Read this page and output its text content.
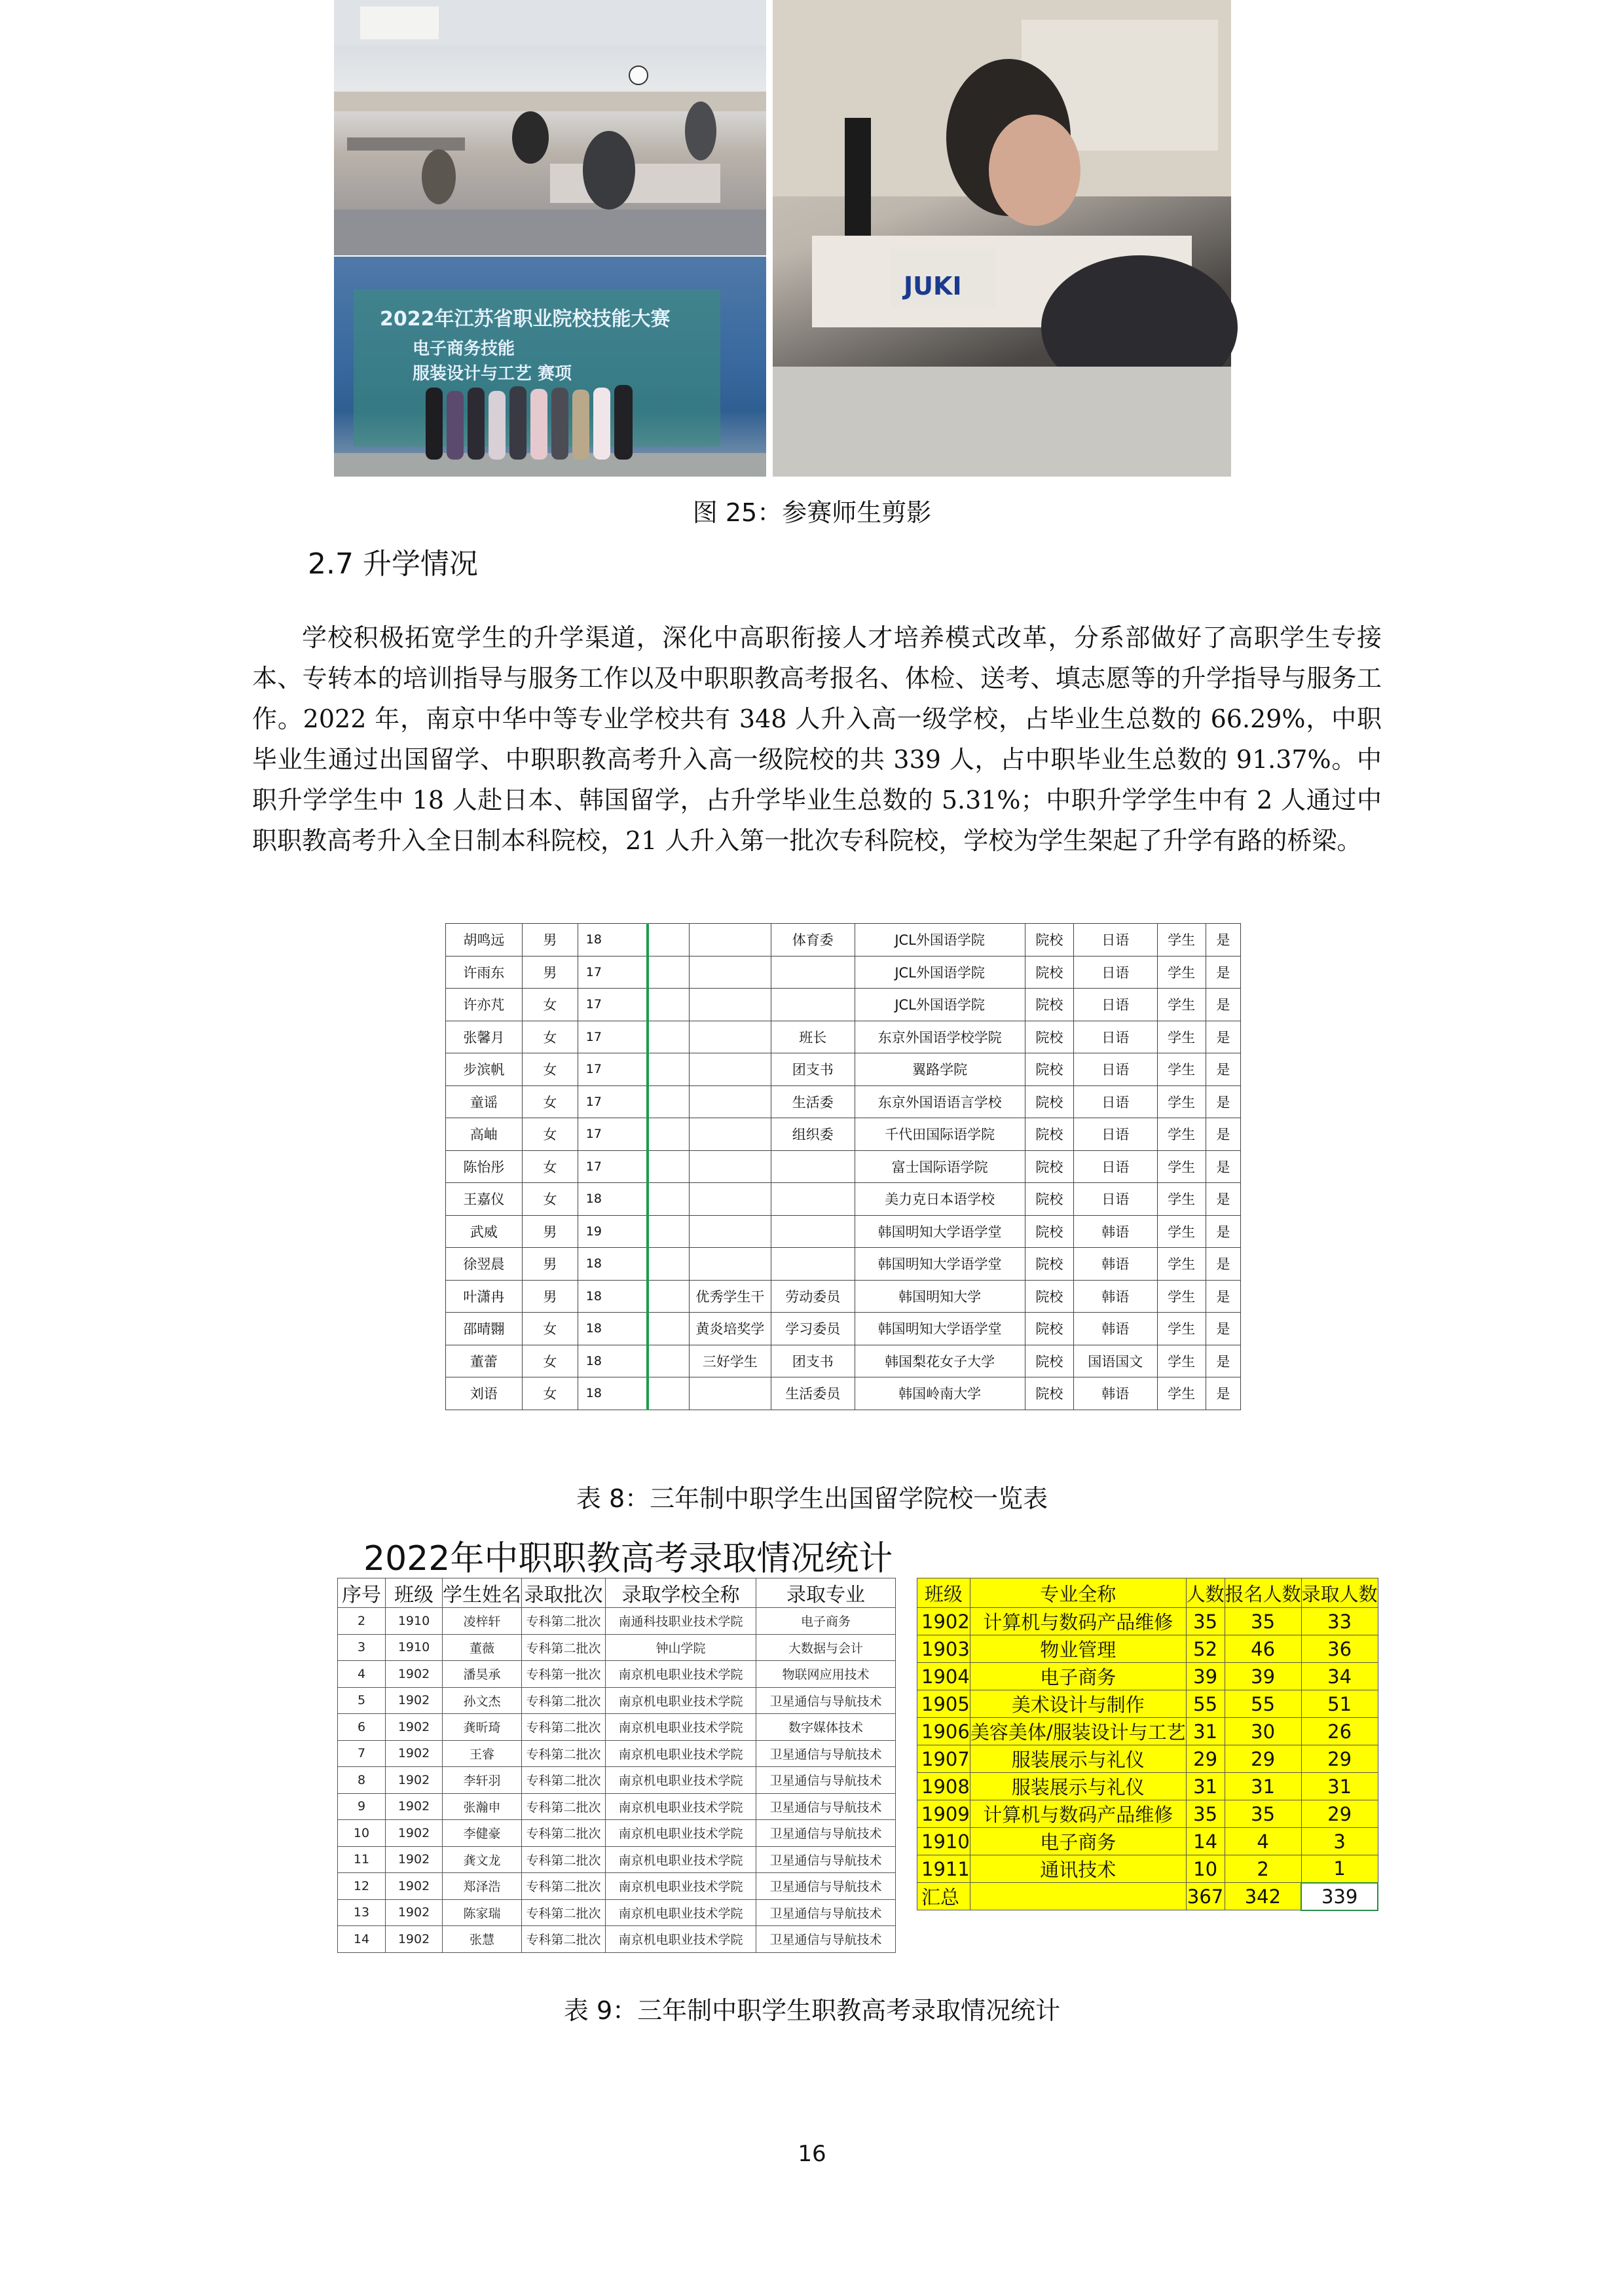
JUKI
2022年江苏省职业院校技能大赛
电子商务技能
服装设计与工艺 赛项
图 25：参赛师生剪影
2.7 升学情况

学校积极拓宽学生的升学渠道，深化中高职衔接人才培养模式改革，分系部做好了高职学生专接本、专转本的培训指导与服务工作以及中职职教高考报名、体检、送考、填志愿等的升学指导与服务工作。2022 年，南京中华中等专业学校共有 348 人升入高一级学校，占毕业生总数的 66.29%，中职毕业生通过出国留学、中职职教高考升入高一级院校的共 339 人，占中职毕业生总数的 91.37%。中职升学学生中 18 人赴日本、韩国留学，占升学毕业生总数的 5.31%；中职升学学生中有 2 人通过中职职教高考升入全日制本科院校，21 人升入第一批次专科院校，学校为学生架起了升学有路的桥梁。

胡鸣远	男	18			体育委	JCL外国语学院	院校	日语	学生	是
许雨东	男	17				JCL外国语学院	院校	日语	学生	是
许亦芃	女	17				JCL外国语学院	院校	日语	学生	是
张馨月	女	17			班长	东京外国语学校学院	院校	日语	学生	是
步滨帆	女	17			团支书	翼路学院	院校	日语	学生	是
童谣	女	17			生活委	东京外国语语言学校	院校	日语	学生	是
高岫	女	17			组织委	千代田国际语学院	院校	日语	学生	是
陈怡彤	女	17				富士国际语学院	院校	日语	学生	是
王嘉仪	女	18				美力克日本语学校	院校	日语	学生	是
武威	男	19				韩国明知大学语学堂	院校	韩语	学生	是
徐翌晨	男	18				韩国明知大学语学堂	院校	韩语	学生	是
叶潇冉	男	18		优秀学生干	劳动委员	韩国明知大学	院校	韩语	学生	是
邵晴翾	女	18		黄炎培奖学	学习委员	韩国明知大学语学堂	院校	韩语	学生	是
董蕾	女	18		三好学生	团支书	韩国梨花女子大学	院校	国语国文	学生	是
刘语	女	18			生活委员	韩国岭南大学	院校	韩语	学生	是
表 8：三年制中职学生出国留学院校一览表
2022年中职职教高考录取情况统计
序号	班级	学生姓名	录取批次	录取学校全称	录取专业
2	1910	凌梓轩	专科第二批次	南通科技职业技术学院	电子商务
3	1910	董薇	专科第二批次	钟山学院	大数据与会计
4	1902	潘昊承	专科第一批次	南京机电职业技术学院	物联网应用技术
5	1902	孙文杰	专科第二批次	南京机电职业技术学院	卫星通信与导航技术
6	1902	龚昕琦	专科第二批次	南京机电职业技术学院	数字媒体技术
7	1902	王睿	专科第二批次	南京机电职业技术学院	卫星通信与导航技术
8	1902	李轩羽	专科第二批次	南京机电职业技术学院	卫星通信与导航技术
9	1902	张瀚申	专科第二批次	南京机电职业技术学院	卫星通信与导航技术
10	1902	李健豪	专科第二批次	南京机电职业技术学院	卫星通信与导航技术
11	1902	龚文龙	专科第二批次	南京机电职业技术学院	卫星通信与导航技术
12	1902	郑泽浩	专科第二批次	南京机电职业技术学院	卫星通信与导航技术
13	1902	陈家瑞	专科第二批次	南京机电职业技术学院	卫星通信与导航技术
14	1902	张慧	专科第二批次	南京机电职业技术学院	卫星通信与导航技术
班级	专业全称	人数	报名人数	录取人数
1902	计算机与数码产品维修	35	35	33
1903	物业管理	52	46	36
1904	电子商务	39	39	34
1905	美术设计与制作	55	55	51
1906	美容美体/服装设计与工艺	31	30	26
1907	服装展示与礼仪	29	29	29
1908	服装展示与礼仪	31	31	31
1909	计算机与数码产品维修	35	35	29
1910	电子商务	14	4	3
1911	通讯技术	10	2	1
汇总		367	342	339
表 9：三年制中职学生职教高考录取情况统计
16
